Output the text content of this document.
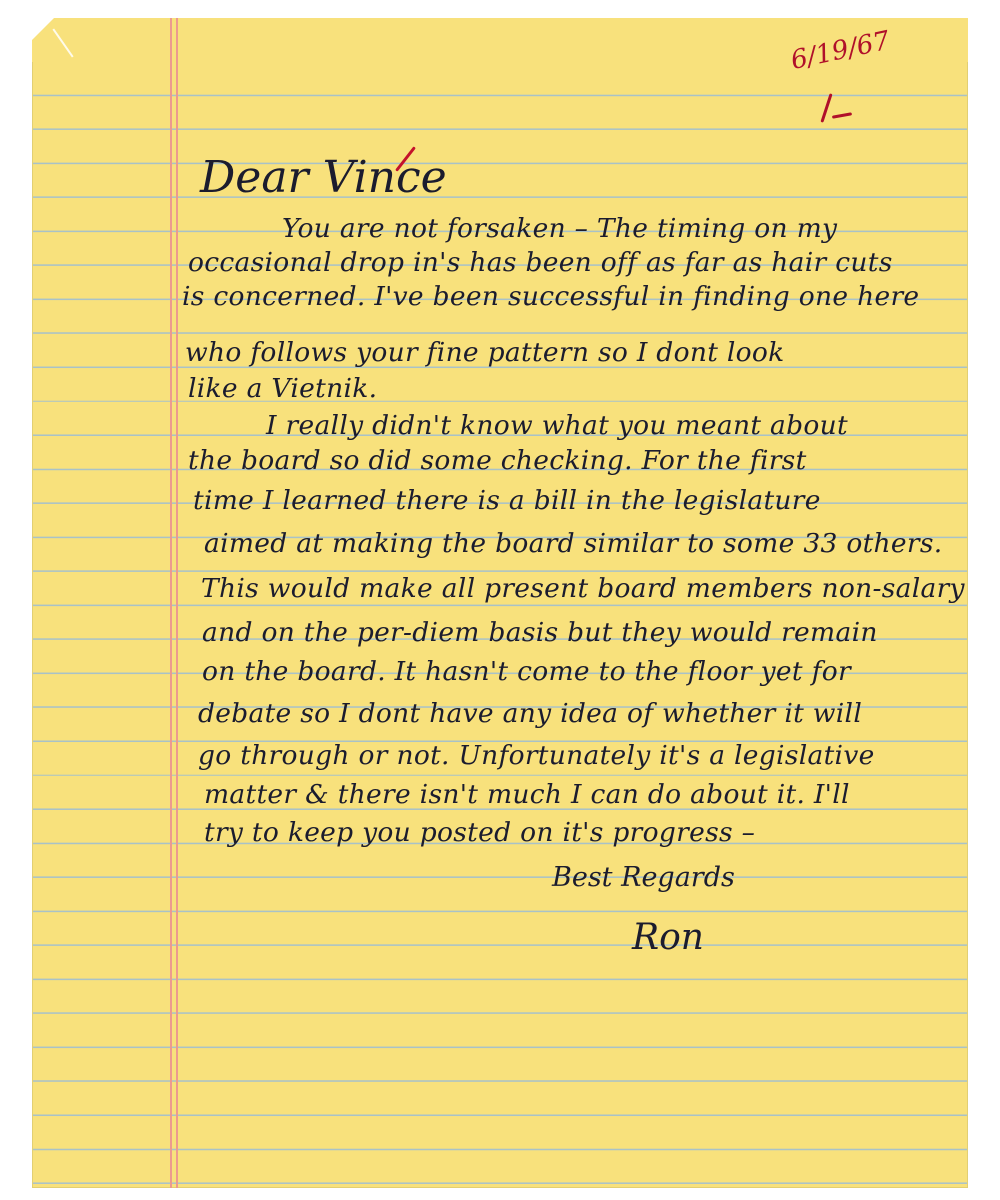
6/19/67

Dear Vince

You are not forsaken – The timing on my

occasional drop in's has been off as far as hair cuts

is concerned. I've been successful in finding one here

who follows your fine pattern so I dont look

like a Vietnik.

I really didn't know what you meant about

the board so did some checking. For the first

time I learned there is a bill in the legislature

aimed at making the board similar to some 33 others.

This would make all present board members non-salary

and on the per-diem basis but they would remain

on the board. It hasn't come to the floor yet for

debate so I dont have any idea of whether it will

go through or not. Unfortunately it's a legislative

matter & there isn't much I can do about it. I'll

try to keep you posted on it's progress –

Best Regards

Ron
